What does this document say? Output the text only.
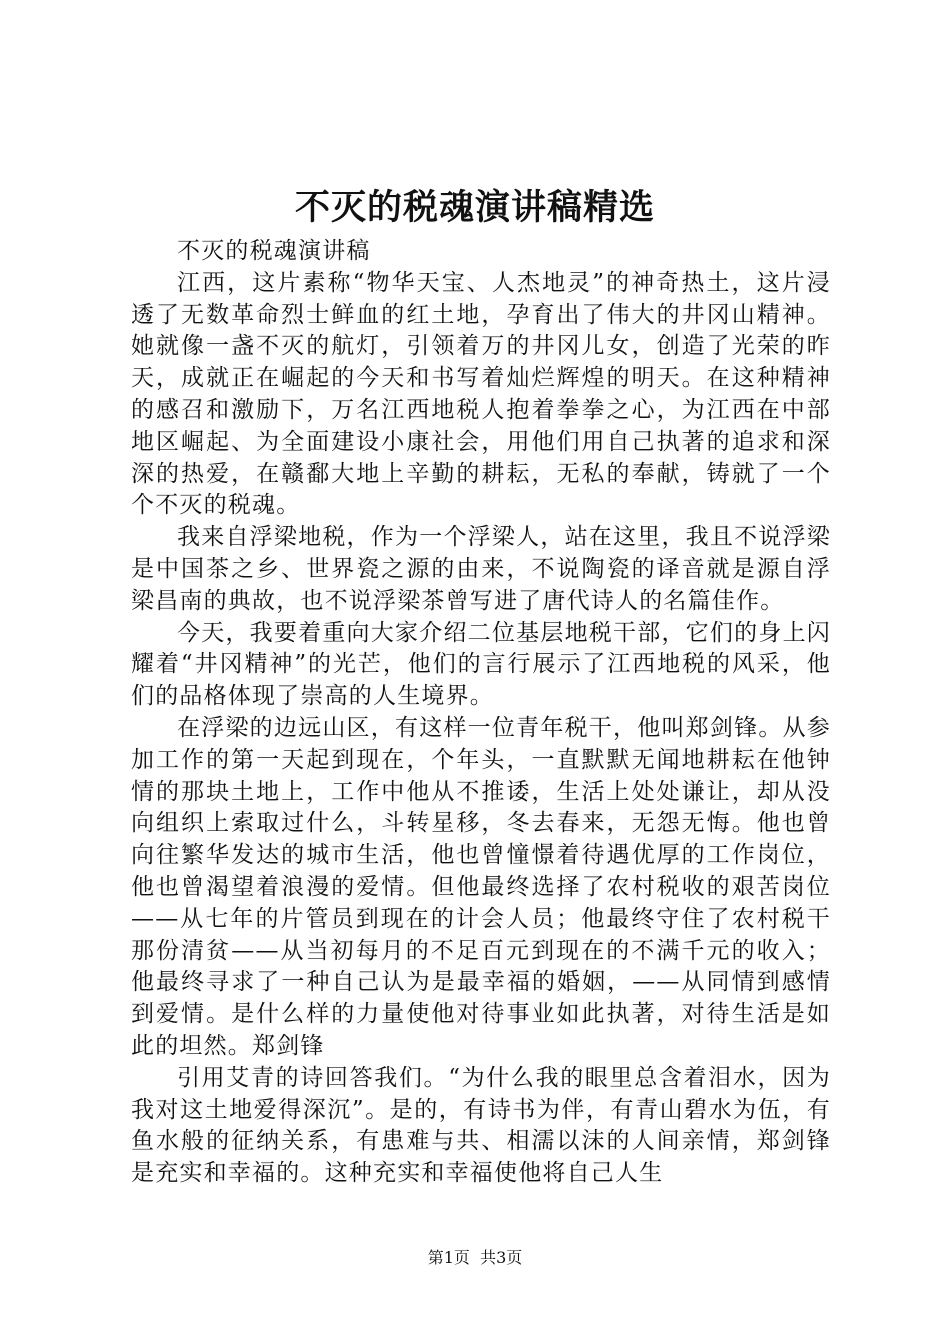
不灭的税魂演讲稿精选

不灭的税魂演讲稿

江西，这片素称“物华天宝、人杰地灵”的神奇热土，这片浸透了无数革命烈士鲜血的红土地，孕育出了伟大的井冈山精神。她就像一盏不灭的航灯，引领着万的井冈儿女，创造了光荣的昨天，成就正在崛起的今天和书写着灿烂辉煌的明天。在这种精神的感召和激励下，万名江西地税人抱着拳拳之心，为江西在中部地区崛起、为全面建设小康社会，用他们用自己执著的追求和深深的热爱，在赣鄱大地上辛勤的耕耘，无私的奉献，铸就了一个个不灭的税魂。

我来自浮梁地税，作为一个浮梁人，站在这里，我且不说浮梁是中国茶之乡、世界瓷之源的由来，不说陶瓷的译音就是源自浮梁昌南的典故，也不说浮梁茶曾写进了唐代诗人的名篇佳作。

今天，我要着重向大家介绍二位基层地税干部，它们的身上闪耀着“井冈精神”的光芒，他们的言行展示了江西地税的风采，他们的品格体现了崇高的人生境界。

在浮梁的边远山区，有这样一位青年税干，他叫郑剑锋。从参加工作的第一天起到现在，个年头，一直默默无闻地耕耘在他钟情的那块土地上，工作中他从不推诿，生活上处处谦让，却从没向组织上索取过什么，斗转星移，冬去春来，无怨无悔。他也曾向往繁华发达的城市生活，他也曾憧憬着待遇优厚的工作岗位，他也曾渴望着浪漫的爱情。但他最终选择了农村税收的艰苦岗位——从七年的片管员到现在的计会人员；他最终守住了农村税干那份清贫——从当初每月的不足百元到现在的不满千元的收入；他最终寻求了一种自己认为是最幸福的婚姻，——从同情到感情到爱情。是什么样的力量使他对待事业如此执著，对待生活是如此的坦然。郑剑锋

引用艾青的诗回答我们。“为什么我的眼里总含着泪水，因为我对这土地爱得深沉”。是的，有诗书为伴，有青山碧水为伍，有鱼水般的征纳关系，有患难与共、相濡以沫的人间亲情，郑剑锋是充实和幸福的。这种充实和幸福使他将自己人生

第1页  共3页
